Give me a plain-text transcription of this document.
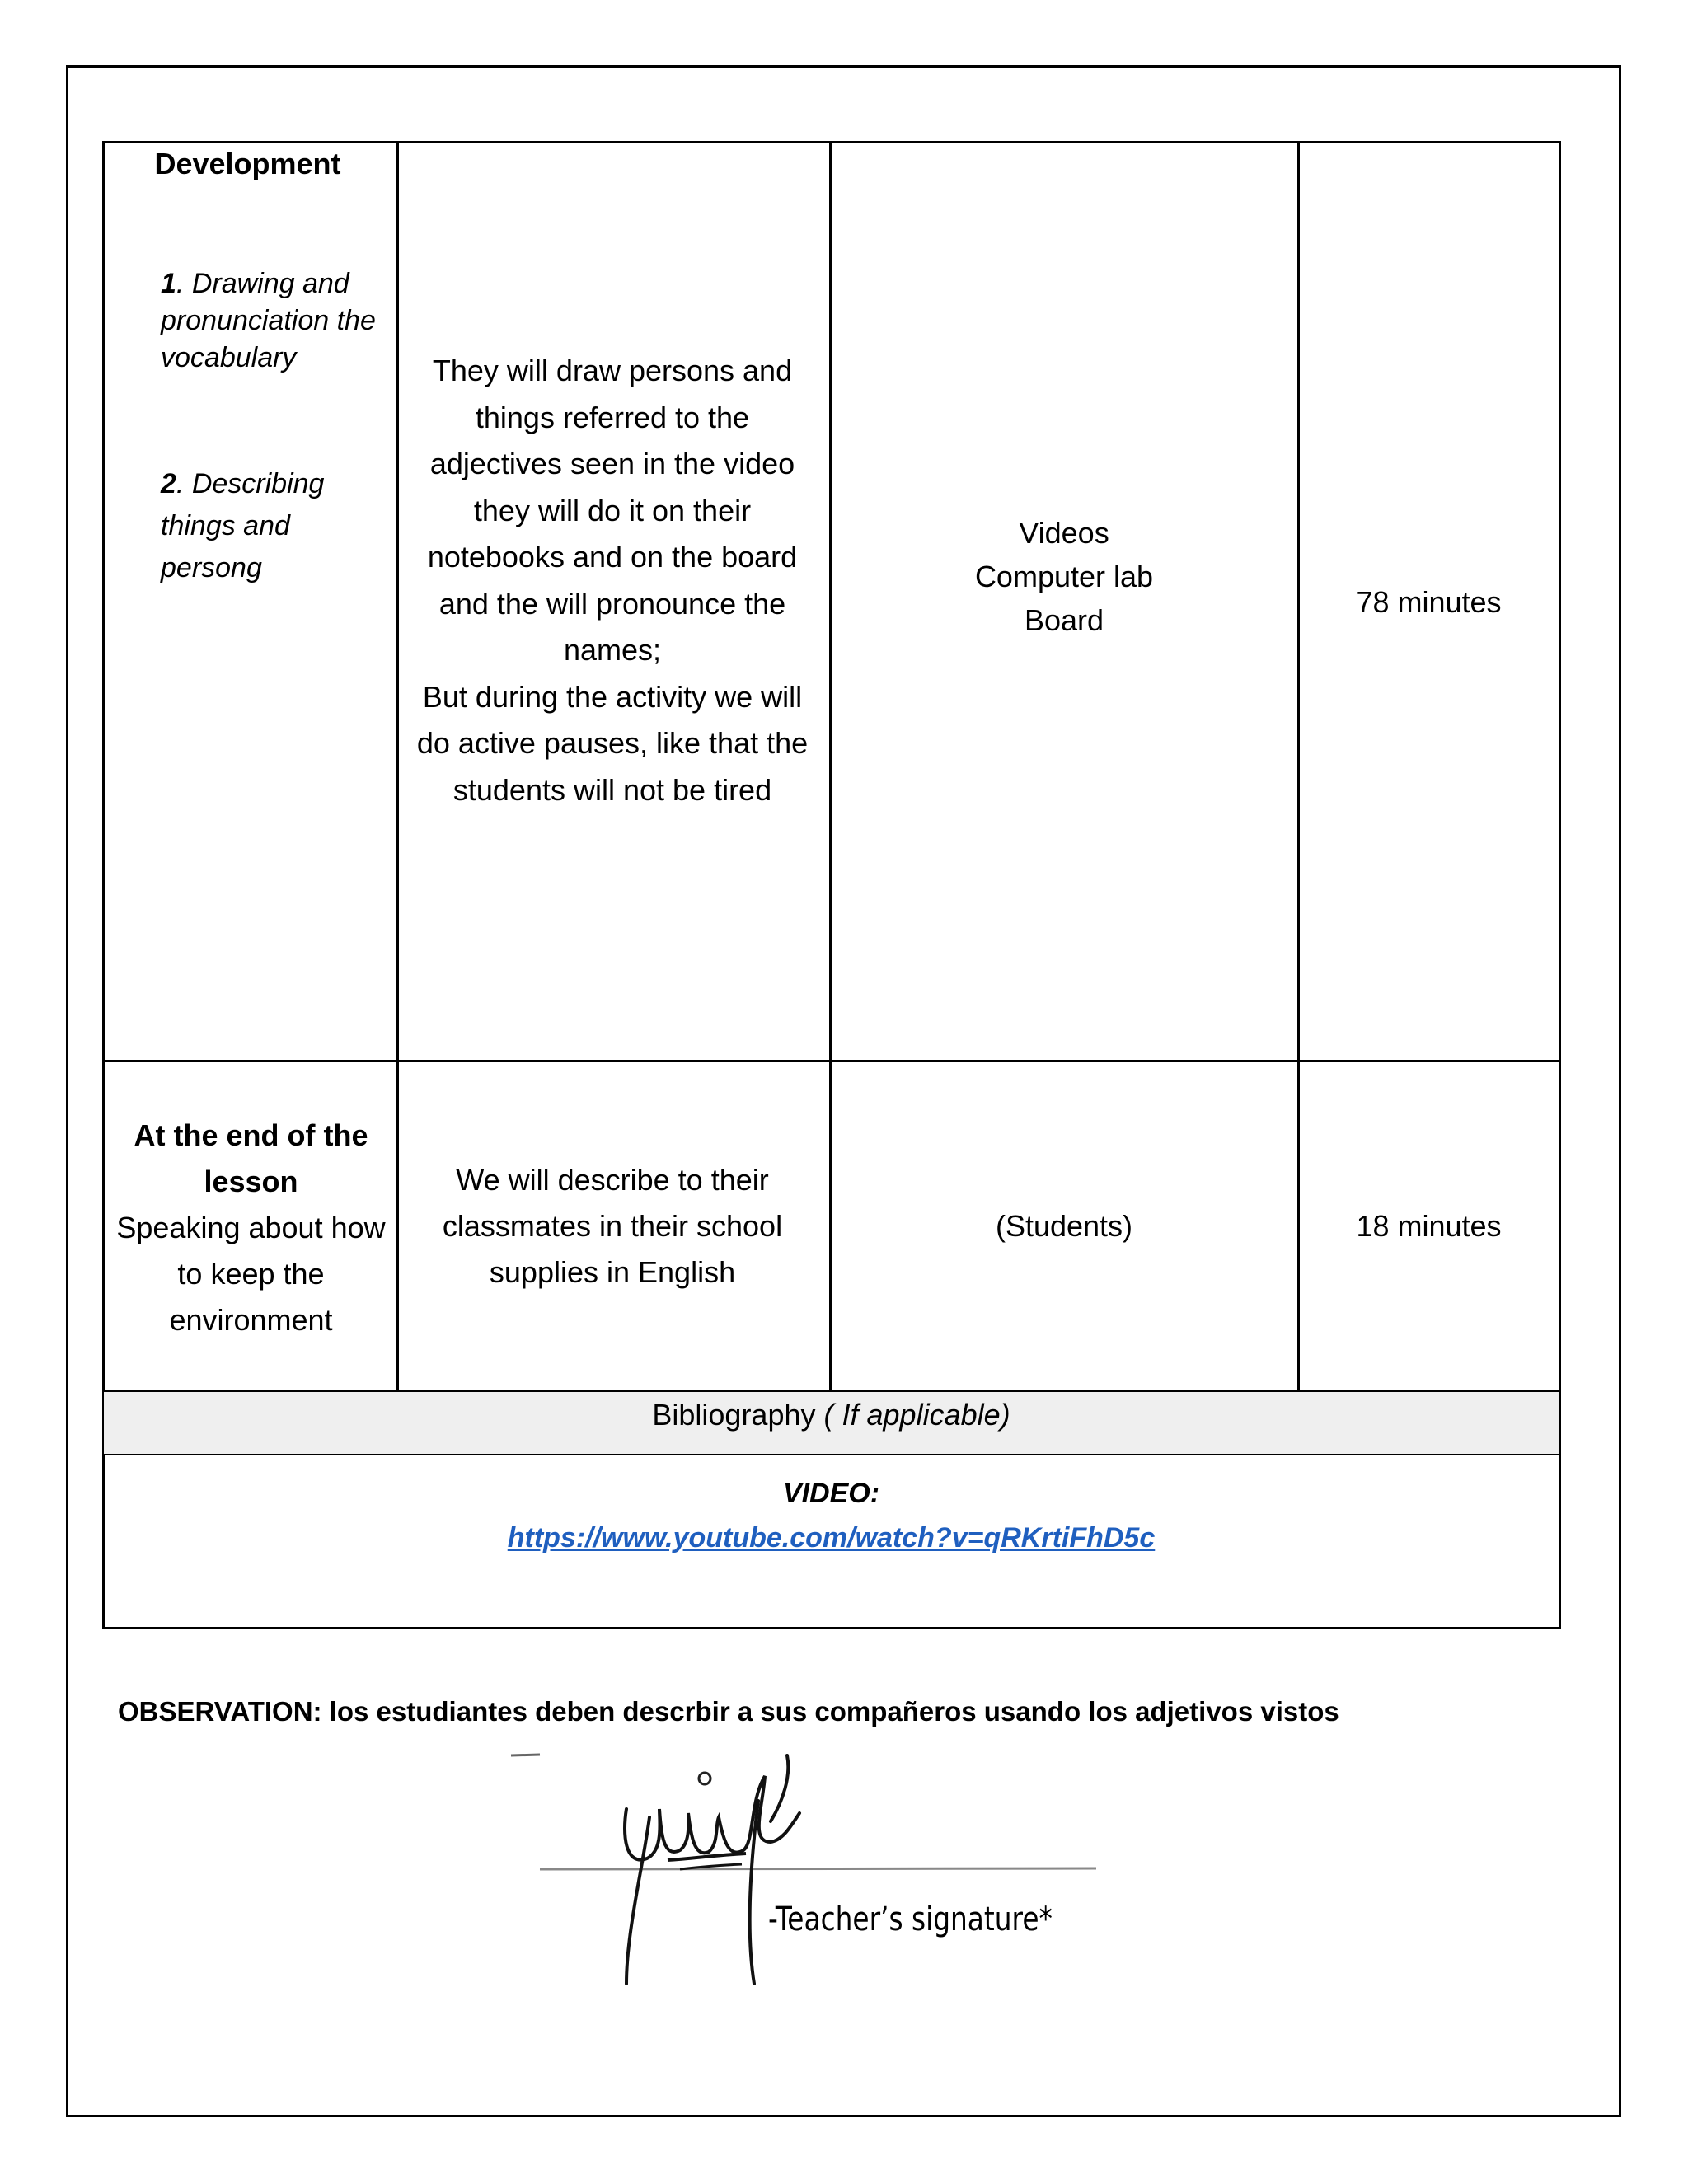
Development
1. Drawing and pronunciation the vocabulary
2. Describing things and persong
They will draw persons and
things referred to the
adjectives seen in the video
they will do it on their
notebooks and on the board
and the will pronounce the
names;
But during the activity we will
do active pauses, like that the
students will not be tired
Videos
Computer lab
Board
78 minutes
At the end of the
lesson
Speaking about how
to keep the
environment
We will describe to their
classmates in their school
supplies in English
(Students)	18 minutes
Bibliography ( If applicable)
VIDEO:
https://www.youtube.com/watch?v=qRKrtiFhD5c
OBSERVATION: los estudiantes deben descrbir a sus compañeros usando los adjetivos vistos
-Teacher’s signature*
